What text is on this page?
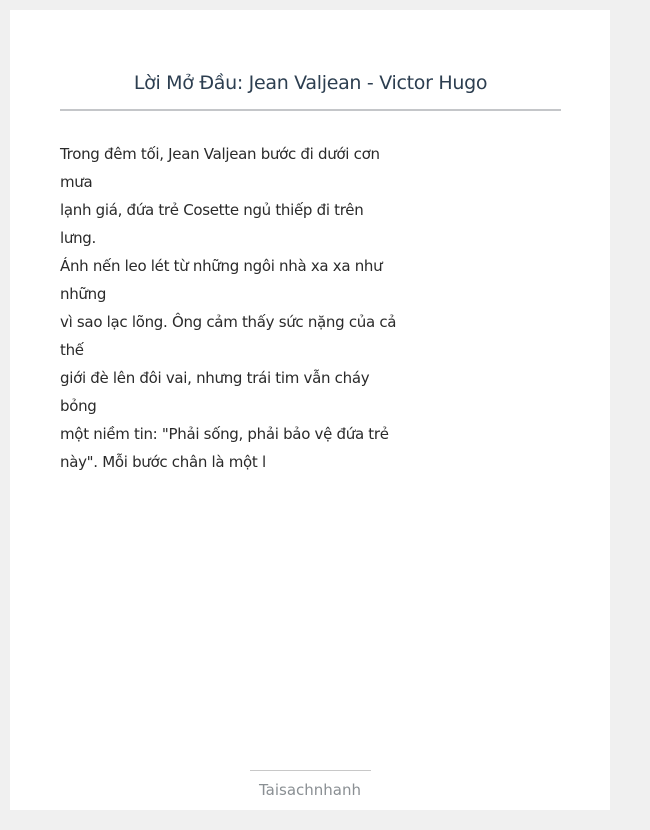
Lời Mở Đầu: Jean Valjean - Victor Hugo
Trong đêm tối, Jean Valjean bước đi dưới cơn
mưa
lạnh giá, đứa trẻ Cosette ngủ thiếp đi trên
lưng.
Ánh nến leo lét từ những ngôi nhà xa xa như
những
vì sao lạc lõng. Ông cảm thấy sức nặng của cả
thế
giới đè lên đôi vai, nhưng trái tim vẫn cháy
bỏng
một niềm tin: "Phải sống, phải bảo vệ đứa trẻ
này". Mỗi bước chân là một l
Taisachnhanh
